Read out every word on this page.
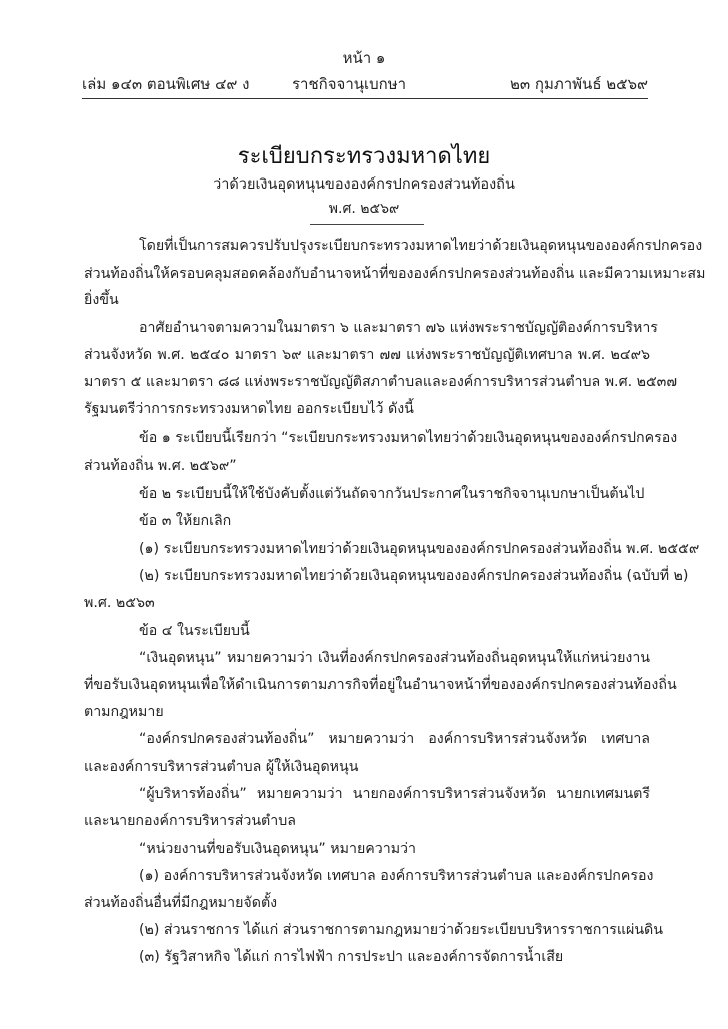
หน้า ๑
เล่ม ๑๔๓ ตอนพิเศษ ๔๙ ง	ราชกิจจานุเบกษา	๒๓ กุมภาพันธ์ ๒๕๖๙
ระเบียบกระทรวงมหาดไทย
ว่าด้วยเงินอุดหนุนขององค์กรปกครองส่วนท้องถิ่น
พ.ศ. ๒๕๖๙
โดยที่เป็นการสมควรปรับปรุงระเบียบกระทรวงมหาดไทยว่าด้วยเงินอุดหนุนขององค์กรปกครอง
ส่วนท้องถิ่นให้ครอบคลุมสอดคล้องกับอำนาจหน้าที่ขององค์กรปกครองส่วนท้องถิ่น และมีความเหมาะสม
ยิ่งขึ้น
อาศัยอำนาจตามความในมาตรา ๖ และมาตรา ๗๖ แห่งพระราชบัญญัติองค์การบริหาร
ส่วนจังหวัด พ.ศ. ๒๕๔๐ มาตรา ๖๙ และมาตรา ๗๗ แห่งพระราชบัญญัติเทศบาล พ.ศ. ๒๔๙๖
มาตรา ๕ และมาตรา ๘๘ แห่งพระราชบัญญัติสภาตำบลและองค์การบริหารส่วนตำบล พ.ศ. ๒๕๓๗
รัฐมนตรีว่าการกระทรวงมหาดไทย ออกระเบียบไว้ ดังนี้
ข้อ ๑ ระเบียบนี้เรียกว่า “ระเบียบกระทรวงมหาดไทยว่าด้วยเงินอุดหนุนขององค์กรปกครอง
ส่วนท้องถิ่น พ.ศ. ๒๕๖๙”
ข้อ ๒ ระเบียบนี้ให้ใช้บังคับตั้งแต่วันถัดจากวันประกาศในราชกิจจานุเบกษาเป็นต้นไป
ข้อ ๓ ให้ยกเลิก
(๑) ระเบียบกระทรวงมหาดไทยว่าด้วยเงินอุดหนุนขององค์กรปกครองส่วนท้องถิ่น พ.ศ. ๒๕๕๙
(๒) ระเบียบกระทรวงมหาดไทยว่าด้วยเงินอุดหนุนขององค์กรปกครองส่วนท้องถิ่น (ฉบับที่ ๒)
พ.ศ. ๒๕๖๓
ข้อ ๔ ในระเบียบนี้
“เงินอุดหนุน” หมายความว่า เงินที่องค์กรปกครองส่วนท้องถิ่นอุดหนุนให้แก่หน่วยงาน
ที่ขอรับเงินอุดหนุนเพื่อให้ดำเนินการตามภารกิจที่อยู่ในอำนาจหน้าที่ขององค์กรปกครองส่วนท้องถิ่น
ตามกฎหมาย
“องค์กรปกครองส่วนท้องถิ่น” หมายความว่า องค์การบริหารส่วนจังหวัด เทศบาล
และองค์การบริหารส่วนตำบล ผู้ให้เงินอุดหนุน
“ผู้บริหารท้องถิ่น” หมายความว่า นายกองค์การบริหารส่วนจังหวัด นายกเทศมนตรี
และนายกองค์การบริหารส่วนตำบล
“หน่วยงานที่ขอรับเงินอุดหนุน” หมายความว่า
(๑) องค์การบริหารส่วนจังหวัด เทศบาล องค์การบริหารส่วนตำบล และองค์กรปกครอง
ส่วนท้องถิ่นอื่นที่มีกฎหมายจัดตั้ง
(๒) ส่วนราชการ ได้แก่ ส่วนราชการตามกฎหมายว่าด้วยระเบียบบริหารราชการแผ่นดิน
(๓) รัฐวิสาหกิจ ได้แก่ การไฟฟ้า การประปา และองค์การจัดการน้ำเสีย
